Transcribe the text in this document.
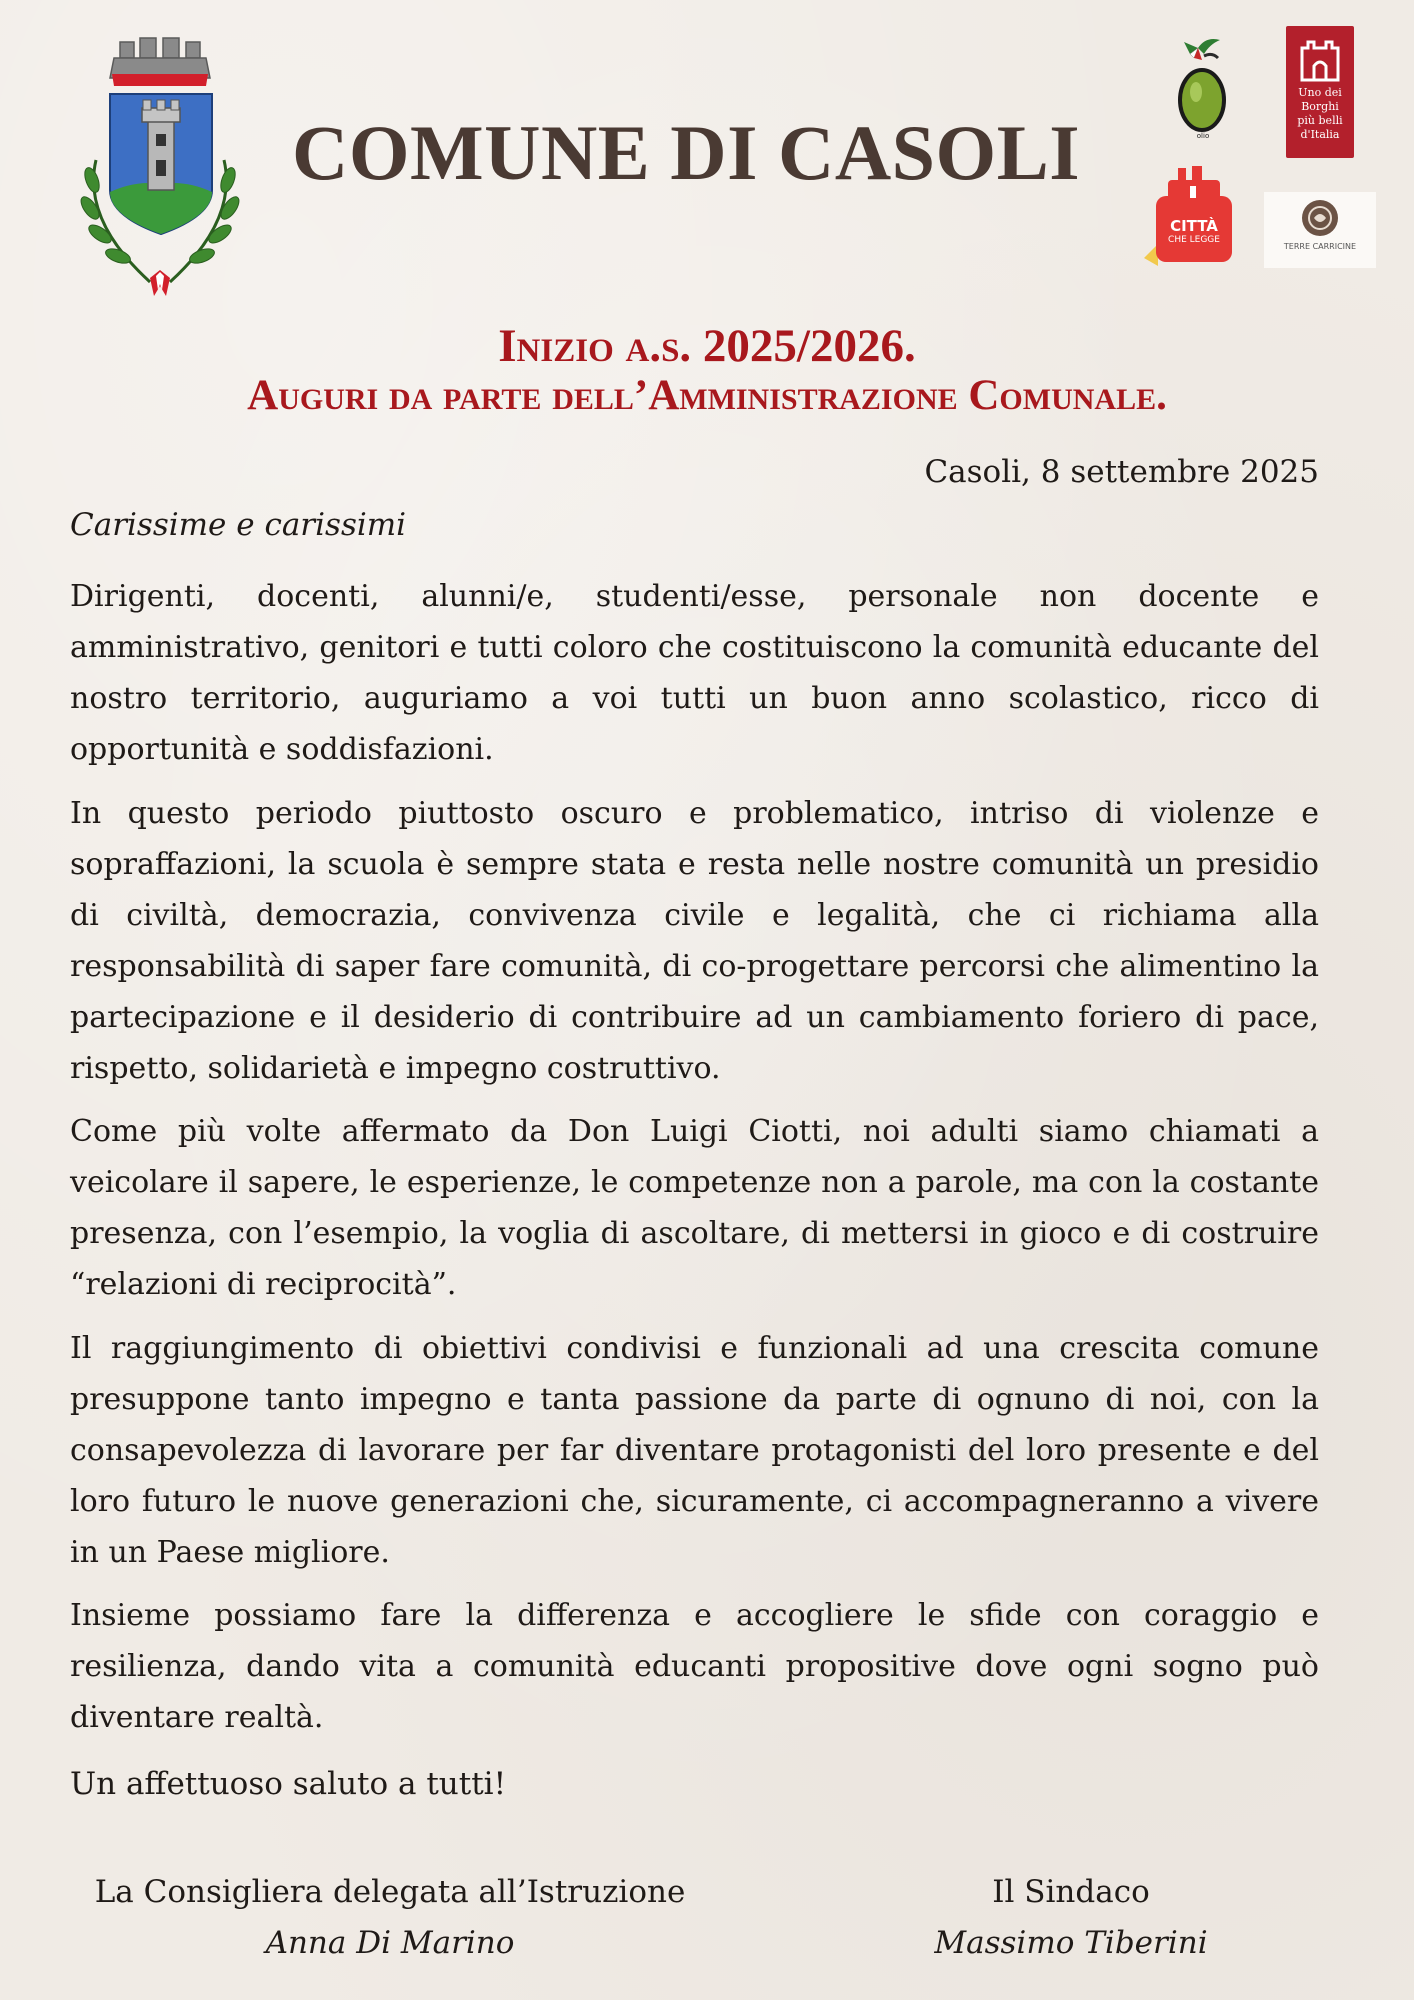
COMUNE DI CASOLI	olio
Uno dei
Borghi
più belli
d'Italia
CITTÀ
CHE LEGGE
TERRE CARRICINE
Inizio a.s. 2025/2026.
Auguri da parte dell’Amministrazione Comunale.
Casoli, 8 settembre 2025
Carissime e carissimi

Dirigenti, docenti, alunni/e, studenti/esse, personale non docente e amministrativo, genitori e tutti coloro che costituiscono la comunità educante del nostro territorio, auguriamo a voi tutti un buon anno scolastico, ricco di opportunità e soddisfazioni.

In questo periodo piuttosto oscuro e problematico, intriso di violenze e sopraffazioni, la scuola è sempre stata e resta nelle nostre comunità un presidio di civiltà, democrazia, convivenza civile e legalità, che ci richiama alla responsabilità di saper fare comunità, di co-progettare percorsi che alimentino la partecipazione e il desiderio di contribuire ad un cambiamento foriero di pace, rispetto, solidarietà e impegno costruttivo.

Come più volte affermato da Don Luigi Ciotti, noi adulti siamo chiamati a veicolare il sapere, le esperienze, le competenze non a parole, ma con la costante presenza, con l’esempio, la voglia di ascoltare, di mettersi in gioco e di costruire “relazioni di reciprocità”.

Il raggiungimento di obiettivi condivisi e funzionali ad una crescita comune presuppone tanto impegno e tanta passione da parte di ognuno di noi, con la consapevolezza di lavorare per far diventare protagonisti del loro presente e del loro futuro le nuove generazioni che, sicuramente, ci accompagneranno a vivere in un Paese migliore.

Insieme possiamo fare la differenza e accogliere le sfide con coraggio e resilienza, dando vita a comunità educanti propositive dove ogni sogno può diventare realtà.

Un affettuoso saluto a tutti!
La Consigliera delegata all’Istruzione
Anna Di Marino
Il Sindaco
Massimo Tiberini
